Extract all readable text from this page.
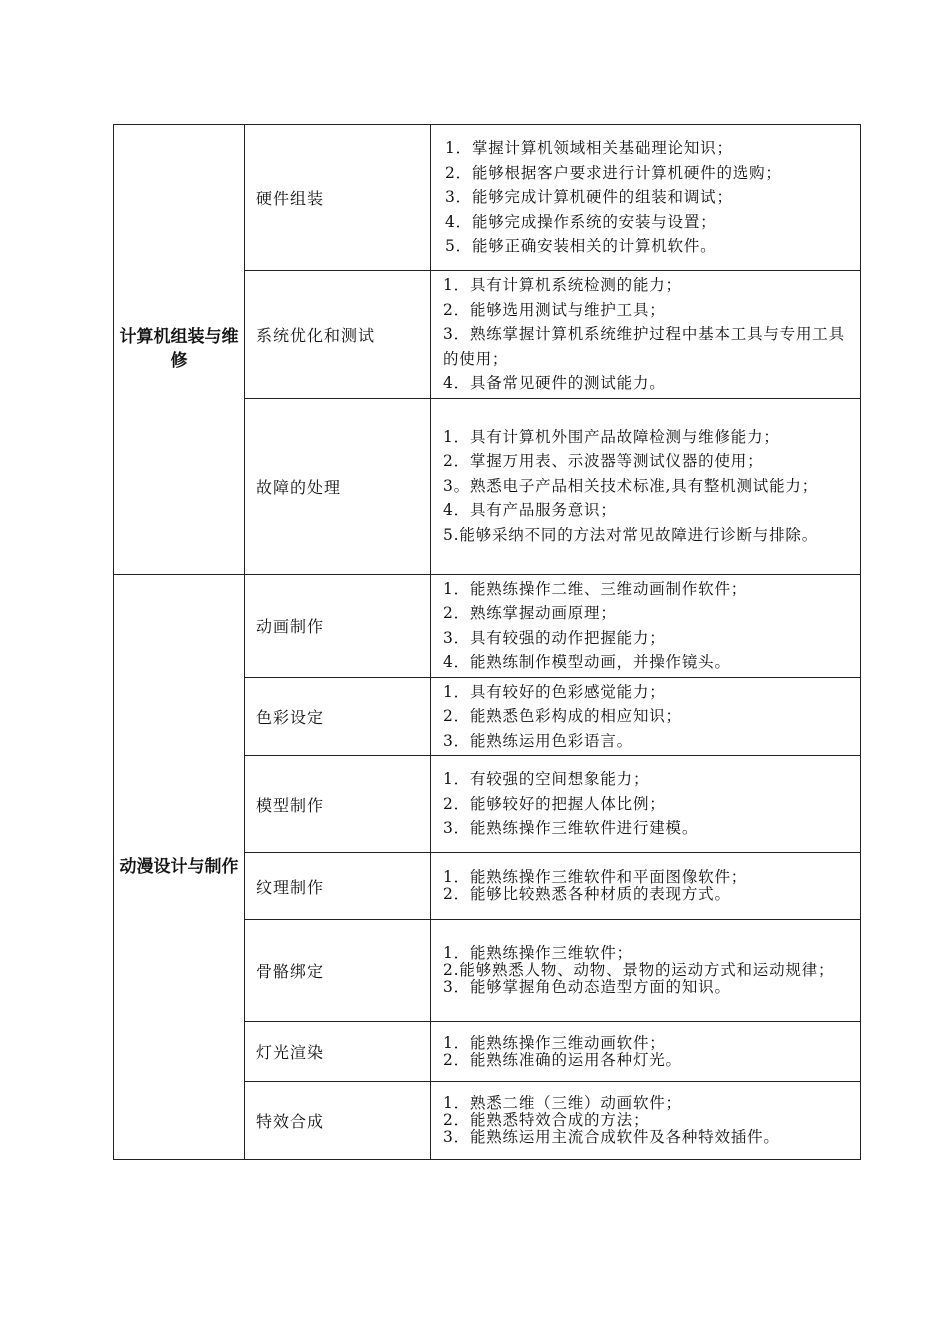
计算机组装与维修	硬件组装	1．掌握计算机领域相关基础理论知识；
2．能够根据客户要求进行计算机硬件的选购；
3．能够完成计算机硬件的组装和调试；
4．能够完成操作系统的安装与设置；
5．能够正确安装相关的计算机软件。

	系统优化和测试	1．具有计算机系统检测的能力；
2．能够选用测试与维护工具；
3．熟练掌握计算机系统维护过程中基本工具与专用工具的使用；
4．具备常见硬件的测试能力。

	故障的处理	1．具有计算机外围产品故障检测与维修能力；
2．掌握万用表、示波器等测试仪器的使用；
3。熟悉电子产品相关技术标准,具有整机测试能力；
4．具有产品服务意识；
5.能够采纳不同的方法对常见故障进行诊断与排除。

动漫设计与制作	动画制作	1．能熟练操作二维、三维动画制作软件；
2．熟练掌握动画原理；
3．具有较强的动作把握能力；
4．能熟练制作模型动画，并操作镜头。

	色彩设定	1．具有较好的色彩感觉能力；
2．能熟悉色彩构成的相应知识；
3．能熟练运用色彩语言。

	模型制作	1．有较强的空间想象能力；
2．能够较好的把握人体比例；
3．能熟练操作三维软件进行建模。

	纹理制作	1．能熟练操作三维软件和平面图像软件；
2．能够比较熟悉各种材质的表现方式。

	骨骼绑定	1．能熟练操作三维软件；
2.能够熟悉人物、动物、景物的运动方式和运动规律；
3．能够掌握角色动态造型方面的知识。

	灯光渲染	1．能熟练操作三维动画软件；
2．能熟练准确的运用各种灯光。

	特效合成	1．熟悉二维（三维）动画软件；
2．能熟悉特效合成的方法；
3．能熟练运用主流合成软件及各种特效插件。
